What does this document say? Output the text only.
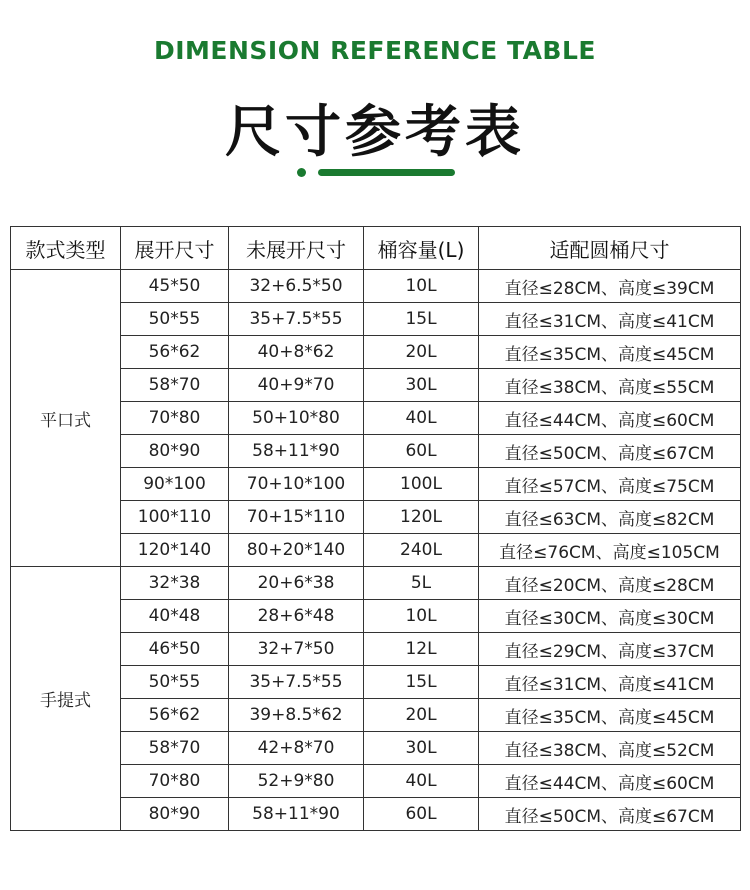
DIMENSION REFERENCE TABLE
尺寸参考表
款式类型	展开尺寸	未展开尺寸	桶容量(L)	适配圆桶尺寸
平口式	45*50	32+6.5*50	10L	直径≤28CM、高度≤39CM
	50*55	35+7.5*55	15L	直径≤31CM、高度≤41CM
	56*62	40+8*62	20L	直径≤35CM、高度≤45CM
	58*70	40+9*70	30L	直径≤38CM、高度≤55CM
	70*80	50+10*80	40L	直径≤44CM、高度≤60CM
	80*90	58+11*90	60L	直径≤50CM、高度≤67CM
	90*100	70+10*100	100L	直径≤57CM、高度≤75CM
	100*110	70+15*110	120L	直径≤63CM、高度≤82CM
	120*140	80+20*140	240L	直径≤76CM、高度≤105CM
手提式	32*38	20+6*38	5L	直径≤20CM、高度≤28CM
	40*48	28+6*48	10L	直径≤30CM、高度≤30CM
	46*50	32+7*50	12L	直径≤29CM、高度≤37CM
	50*55	35+7.5*55	15L	直径≤31CM、高度≤41CM
	56*62	39+8.5*62	20L	直径≤35CM、高度≤45CM
	58*70	42+8*70	30L	直径≤38CM、高度≤52CM
	70*80	52+9*80	40L	直径≤44CM、高度≤60CM
	80*90	58+11*90	60L	直径≤50CM、高度≤67CM
